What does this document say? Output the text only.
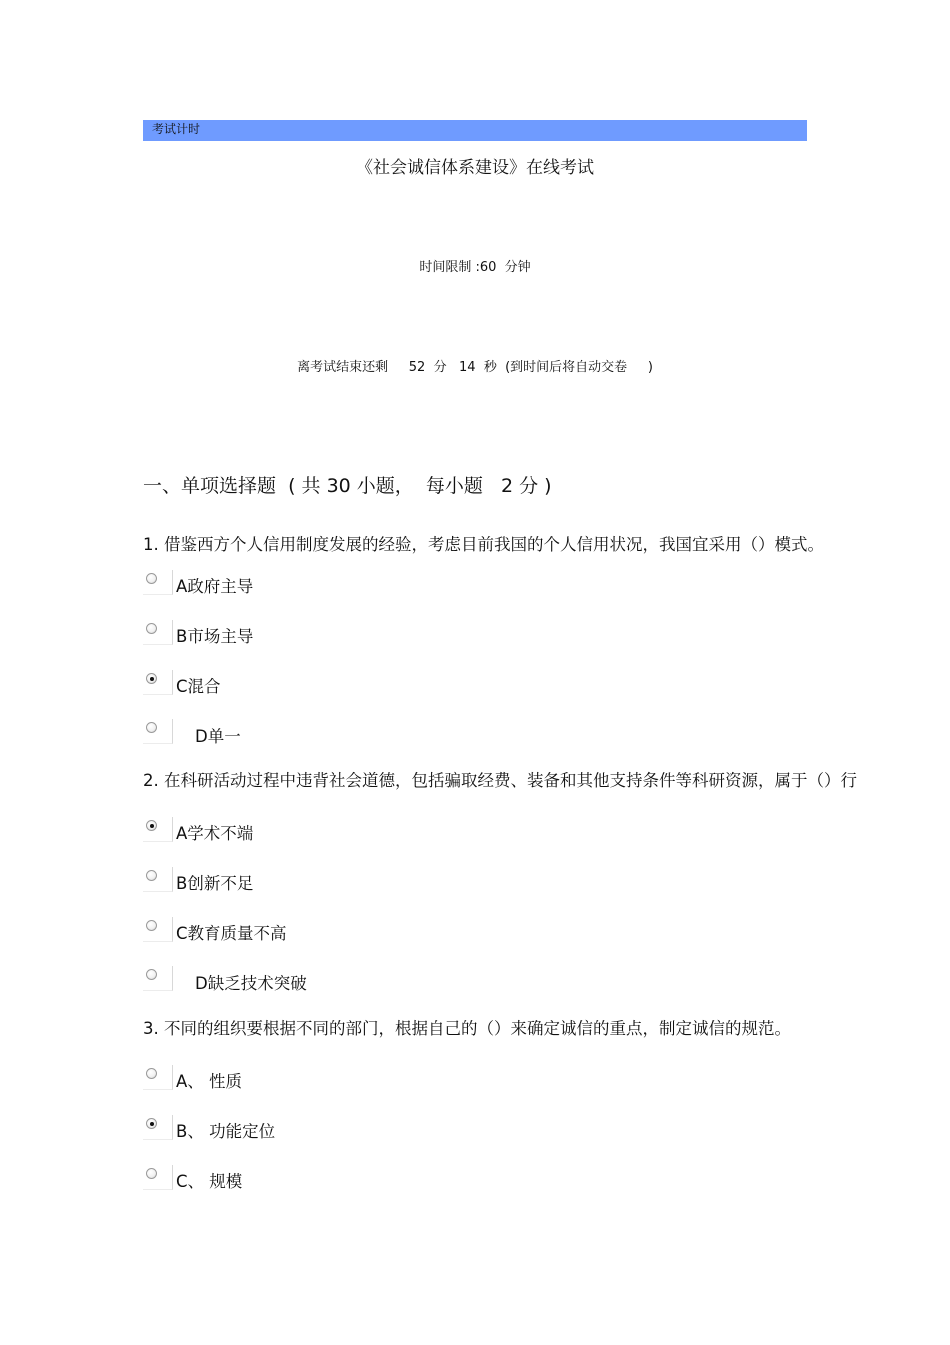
考试计时
《社会诚信体系建设》在线考试
时间限制 :60  分钟
离考试结束还剩 52 分 14 秒 (到时间后将自动交卷     )
一、单项选择题  ( 共 30 小题，  每小题   2 分 )
1. 借鉴西方个人信用制度发展的经验，考虑目前我国的个人信用状况，我国宜采用（）模式。
A政府主导
B市场主导
C混合
D单一
2. 在科研活动过程中违背社会道德，包括骗取经费、装备和其他支持条件等科研资源，属于（）行
A学术不端
B创新不足
C教育质量不高
D缺乏技术突破
3. 不同的组织要根据不同的部门，根据自己的（）来确定诚信的重点，制定诚信的规范。
A、 性质
B、 功能定位
C、 规模
